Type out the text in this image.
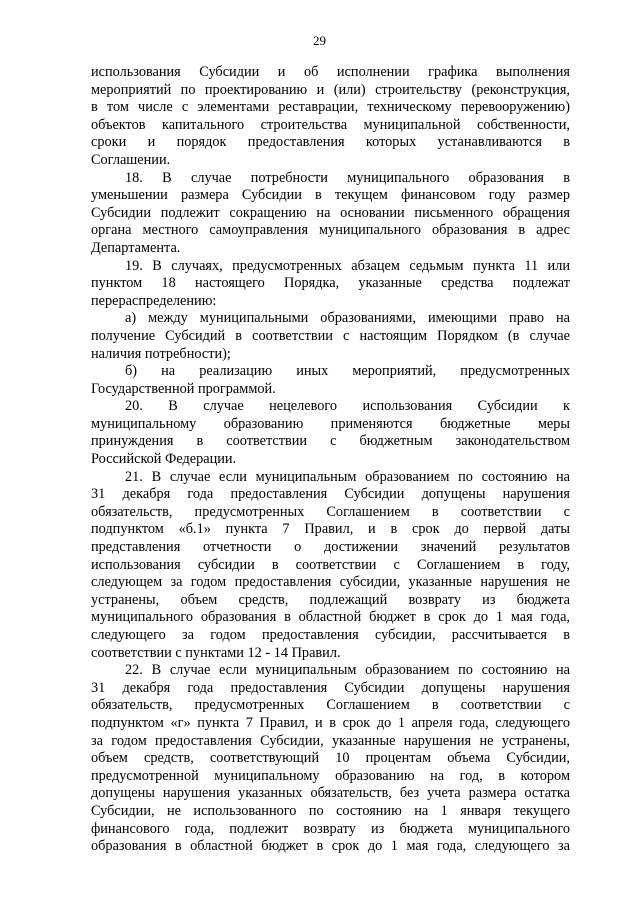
29
использования Субсидии и об исполнении графика выполнения
мероприятий по проектированию и (или) строительству (реконструкция,
в том числе с элементами реставрации, техническому перевооружению)
объектов капитального строительства муниципальной собственности,
сроки и порядок предоставления которых устанавливаются в
Соглашении.
18. В случае потребности муниципального образования в
уменьшении размера Субсидии в текущем финансовом году размер
Субсидии подлежит сокращению на основании письменного обращения
органа местного самоуправления муниципального образования в адрес
Департамента.
19. В случаях, предусмотренных абзацем седьмым пункта 11 или
пунктом 18 настоящего Порядка, указанные средства подлежат
перераспределению:
а) между муниципальными образованиями, имеющими право на
получение Субсидий в соответствии с настоящим Порядком (в случае
наличия потребности);
б) на реализацию иных мероприятий, предусмотренных
Государственной программой.
20. В случае нецелевого использования Субсидии к
муниципальному образованию применяются бюджетные меры
принуждения в соответствии с бюджетным законодательством
Российской Федерации.
21. В случае если муниципальным образованием по состоянию на
31 декабря года предоставления Субсидии допущены нарушения
обязательств, предусмотренных Соглашением в соответствии с
подпунктом «б.1» пункта 7 Правил, и в срок до первой даты
представления отчетности о достижении значений результатов
использования субсидии в соответствии с Соглашением в году,
следующем за годом предоставления субсидии, указанные нарушения не
устранены, объем средств, подлежащий возврату из бюджета
муниципального образования в областной бюджет в срок до 1 мая года,
следующего за годом предоставления субсидии, рассчитывается в
соответствии с пунктами 12 - 14 Правил.
22. В случае если муниципальным образованием по состоянию на
31 декабря года предоставления Субсидии допущены нарушения
обязательств, предусмотренных Соглашением в соответствии с
подпунктом «г» пункта 7 Правил, и в срок до 1 апреля года, следующего
за годом предоставления Субсидии, указанные нарушения не устранены,
объем средств, соответствующий 10 процентам объема Субсидии,
предусмотренной муниципальному образованию на год, в котором
допущены нарушения указанных обязательств, без учета размера остатка
Субсидии, не использованного по состоянию на 1 января текущего
финансового года, подлежит возврату из бюджета муниципального
образования в областной бюджет в срок до 1 мая года, следующего за
